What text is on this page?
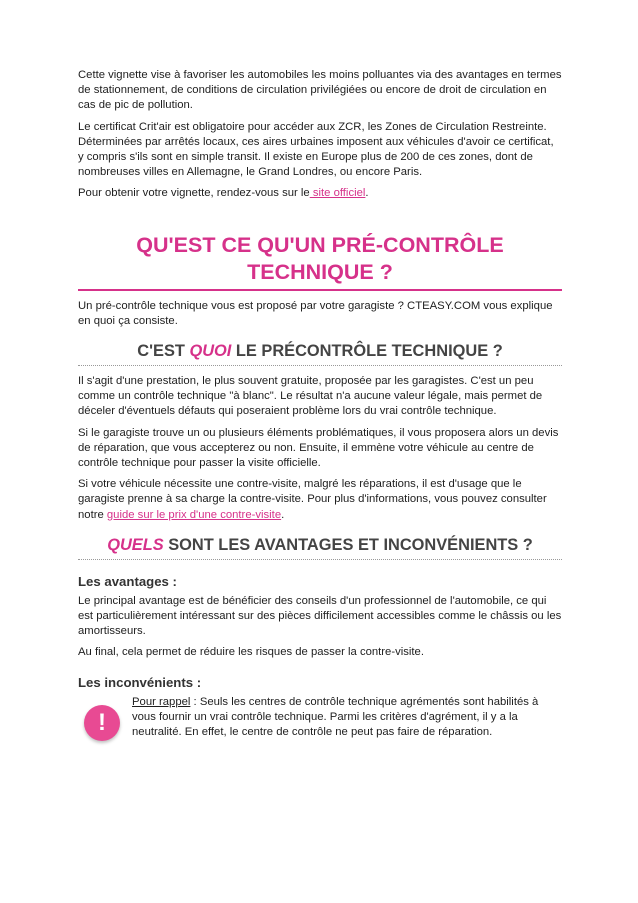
Cette vignette vise à favoriser les automobiles les moins polluantes via des avantages en termes de stationnement, de conditions de circulation privilégiées ou encore de droit de circulation en cas de pic de pollution.

Le certificat Crit'air est obligatoire pour accéder aux ZCR, les Zones de Circulation Restreinte. Déterminées par arrêtés locaux, ces aires urbaines imposent aux véhicules d'avoir ce certificat, y compris s'ils sont en simple transit. Il existe en Europe plus de 200 de ces zones, dont de nombreuses villes en Allemagne, le Grand Londres, ou encore Paris.

Pour obtenir votre vignette, rendez-vous sur le site officiel.

QU'EST CE QU'UN PRÉ-CONTRÔLE TECHNIQUE ?

Un pré-contrôle technique vous est proposé par votre garagiste ? CTEASY.COM vous explique en quoi ça consiste.

C'EST QUOI LE PRÉCONTRÔLE TECHNIQUE ?

Il s'agit d'une prestation, le plus souvent gratuite, proposée par les garagistes. C'est un peu comme un contrôle technique "à blanc". Le résultat n'a aucune valeur légale, mais permet de déceler d'éventuels défauts qui poseraient problème lors du vrai contrôle technique.

Si le garagiste trouve un ou plusieurs éléments problématiques, il vous proposera alors un devis de réparation, que vous accepterez ou non. Ensuite, il emmène votre véhicule au centre de contrôle technique pour passer la visite officielle.

Si votre véhicule nécessite une contre-visite, malgré les réparations, il est d'usage que le garagiste prenne à sa charge la contre-visite. Pour plus d'informations, vous pouvez consulter notre guide sur le prix d'une contre-visite.

QUELS SONT LES AVANTAGES ET INCONVÉNIENTS ?
Les avantages :

Le principal avantage est de bénéficier des conseils d'un professionnel de l'automobile, ce qui est particulièrement intéressant sur des pièces difficilement accessibles comme le châssis ou les amortisseurs.

Au final, cela permet de réduire les risques de passer la contre-visite.

Les inconvénients :
!

Pour rappel : Seuls les centres de contrôle technique agrémentés sont habilités à vous fournir un vrai contrôle technique. Parmi les critères d'agrément, il y a la neutralité. En effet, le centre de contrôle ne peut pas faire de réparation.
